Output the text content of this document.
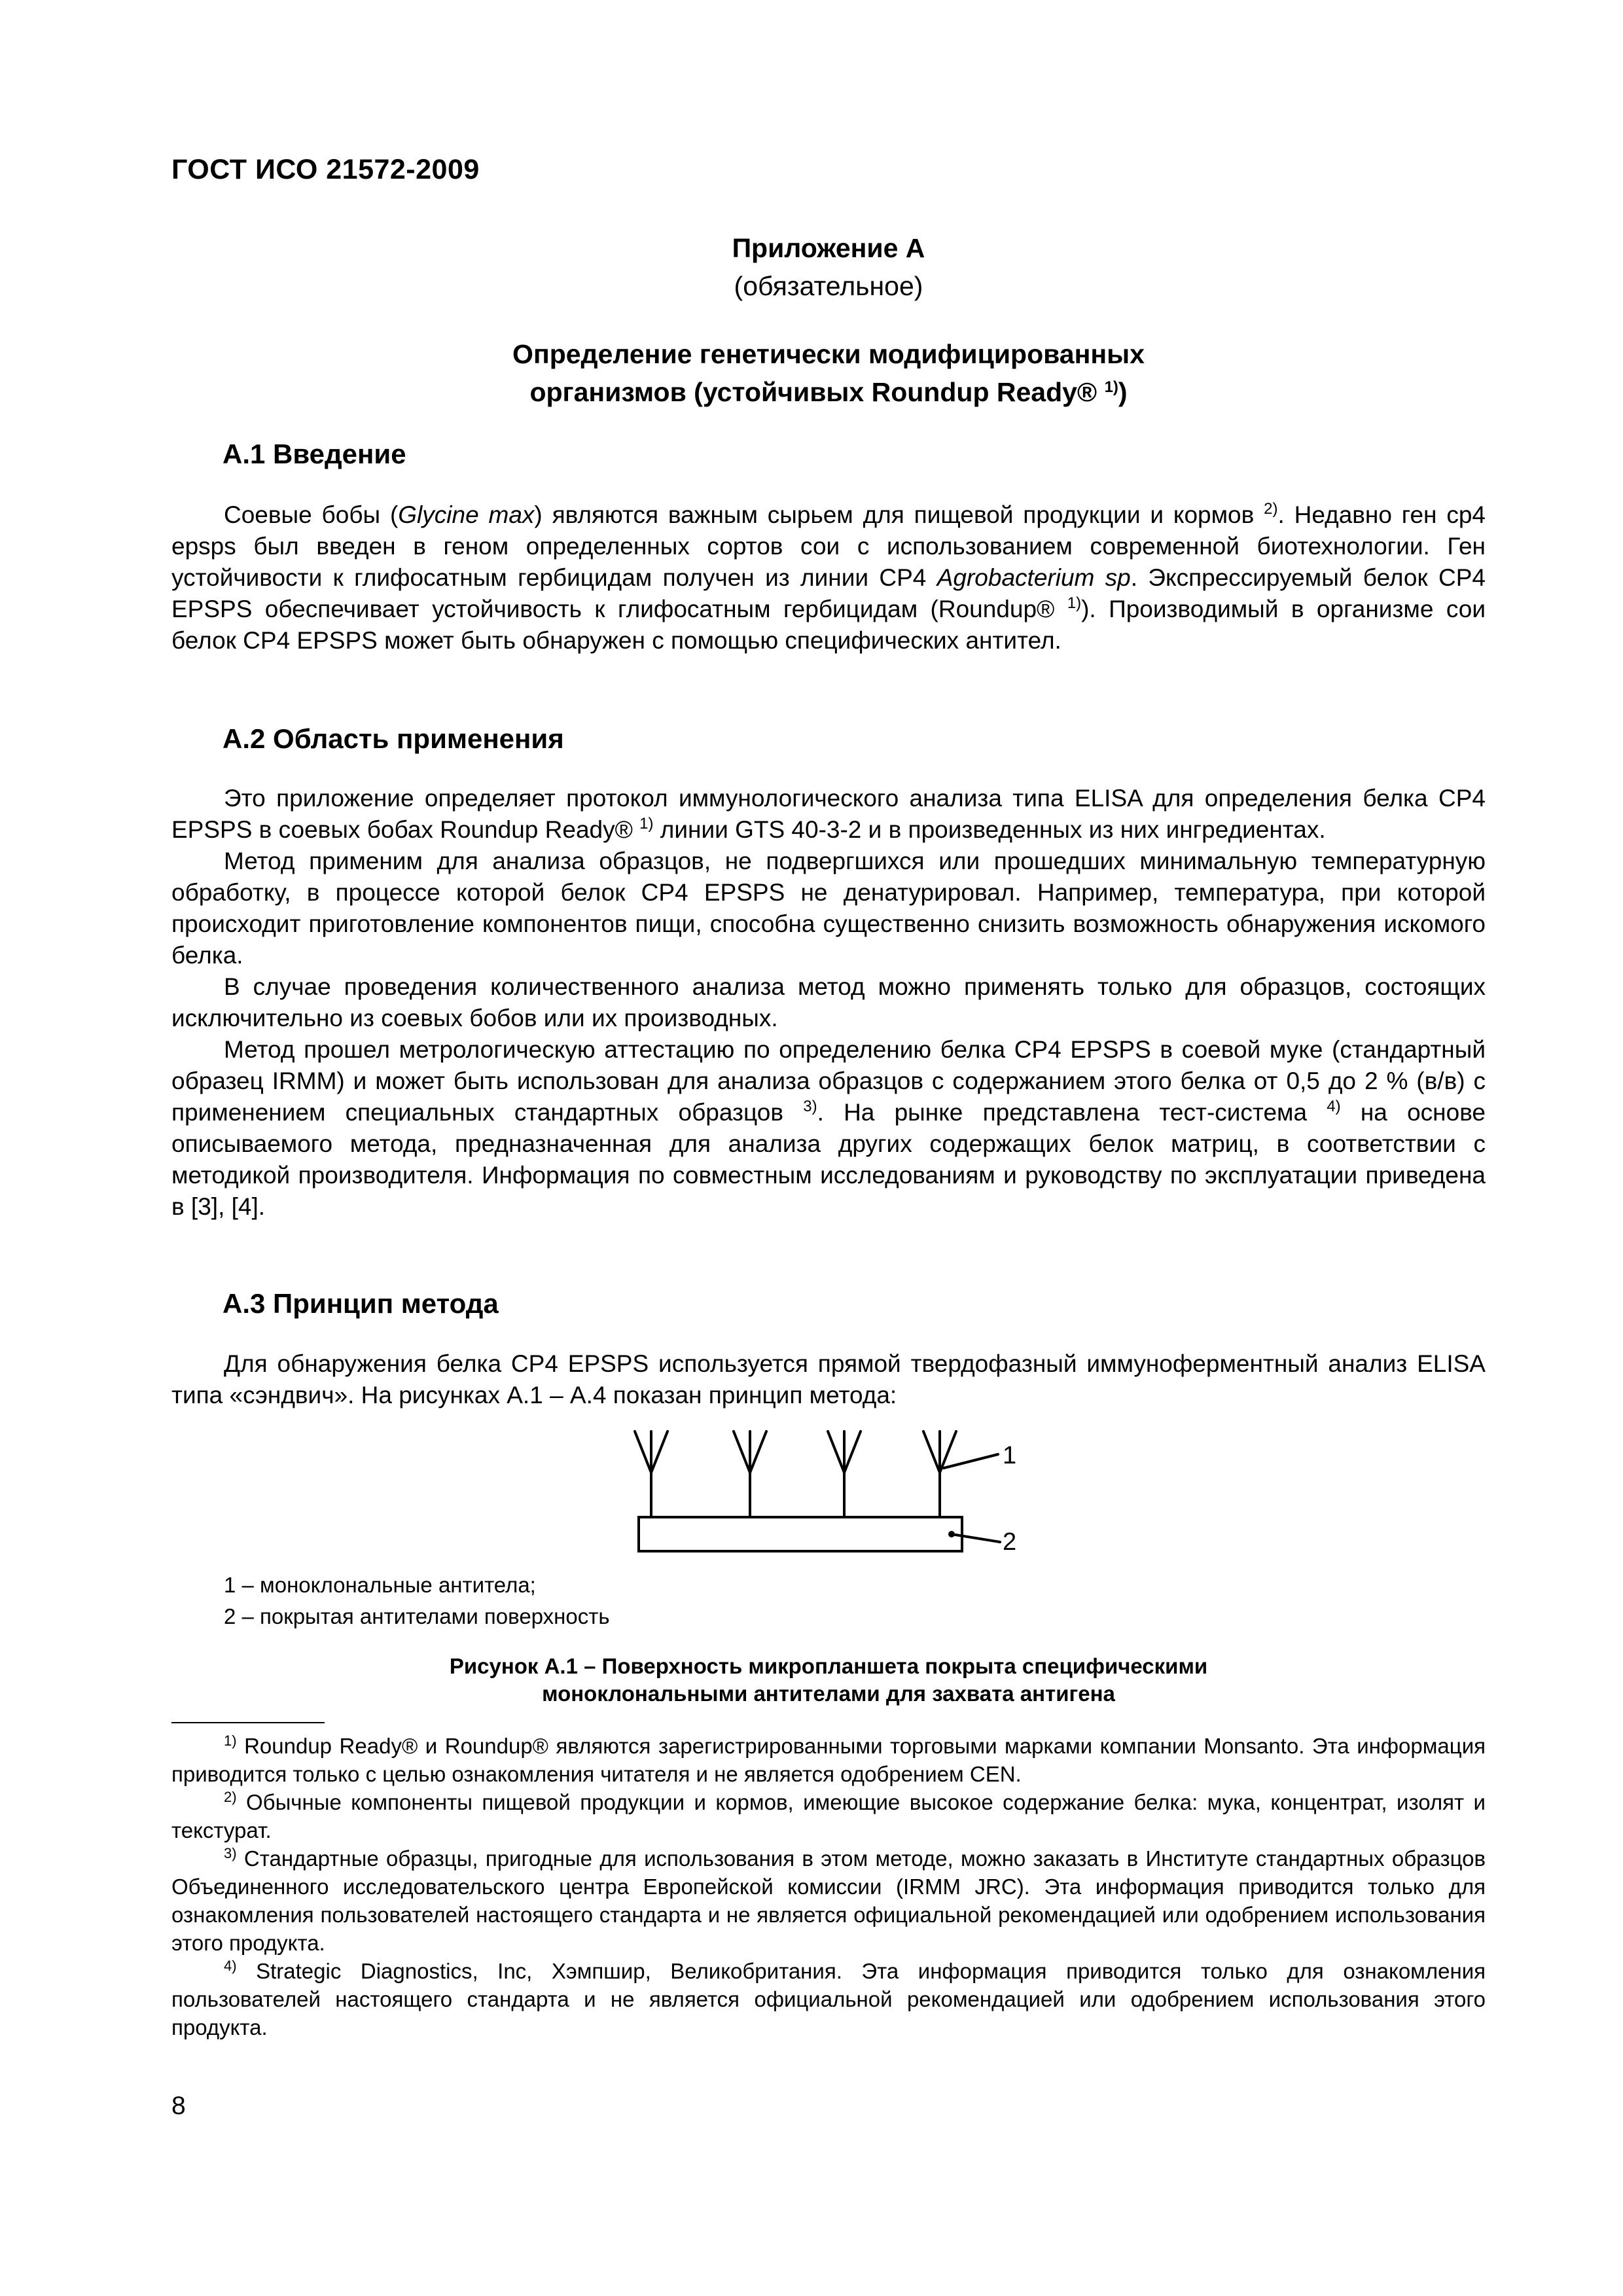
ГОСТ ИСО 21572-2009
Приложение А
(обязательное)
Определение генетически модифицированных
организмов (устойчивых Roundup Ready® $^{1)}$)
А.1 Введение

Соевые бобы (Glycine max) являются важным сырьем для пищевой продукции и кормов $^{2)}$. Недавно ген cp4 epsps был введен в геном определенных сортов сои с использованием современной биотехнологии. Ген устойчивости к глифосатным гербицидам получен из линии CP4 Agrobacterium sp. Экспрессируемый белок CP4 EPSPS обеспечивает устойчивость к глифосатным гербицидам (Roundup® $^{1)}$). Производимый в организме сои белок CP4 EPSPS может быть обнаружен с помощью специфических антител.

А.2 Область применения

Это приложение определяет протокол иммунологического анализа типа ELISA для определения белка CP4 EPSPS в соевых бобах Roundup Ready® $^{1)}$ линии GTS 40-3-2 и в произведенных из них ингредиентах.

Метод применим для анализа образцов, не подвергшихся или прошедших минимальную температурную обработку, в процессе которой белок CP4 EPSPS не денатурировал. Например, температура, при которой происходит приготовление компонентов пищи, способна существенно снизить возможность обнаружения искомого белка.

В случае проведения количественного анализа метод можно применять только для образцов, состоящих исключительно из соевых бобов или их производных.

Метод прошел метрологическую аттестацию по определению белка CP4 EPSPS в соевой муке (стандартный образец IRMM) и может быть использован для анализа образцов с содержанием этого белка от 0,5 до 2 % (в/в) с применением специальных стандартных образцов $^{3)}$. На рынке представлена тест-система $^{4)}$ на основе описываемого метода, предназначенная для анализа других содержащих белок матриц, в соответствии с методикой производителя. Информация по совместным исследованиям и руководству по эксплуатации приведена в [3], [4].

А.3 Принцип метода

Для обнаружения белка CP4 EPSPS используется прямой твердофазный иммуноферментный анализ ELISA типа «сэндвич». На рисунках А.1 – А.4 показан принцип метода:

1
2
1 – моноклональные антитела;
2 – покрытая антителами поверхность
Рисунок А.1 – Поверхность микропланшета покрыта специфическими
моноклональными антителами для захвата антигена

$^{1)}$ Roundup Ready® и Roundup® являются зарегистрированными торговыми марками компании Monsanto. Эта информация приводится только с целью ознакомления читателя и не является одобрением CEN.

$^{2)}$ Обычные компоненты пищевой продукции и кормов, имеющие высокое содержание белка: мука, концентрат, изолят и текстурат.

$^{3)}$ Стандартные образцы, пригодные для использования в этом методе, можно заказать в Институте стандартных образцов Объединенного исследовательского центра Европейской комиссии (IRMM JRC). Эта информация приводится только для ознакомления пользователей настоящего стандарта и не является официальной рекомендацией или одобрением использования этого продукта.

$^{4)}$ Strategic Diagnostics, Inc, Хэмпшир, Великобритания. Эта информация приводится только для ознакомления пользователей настоящего стандарта и не является официальной рекомендацией или одобрением использования этого продукта.

8
